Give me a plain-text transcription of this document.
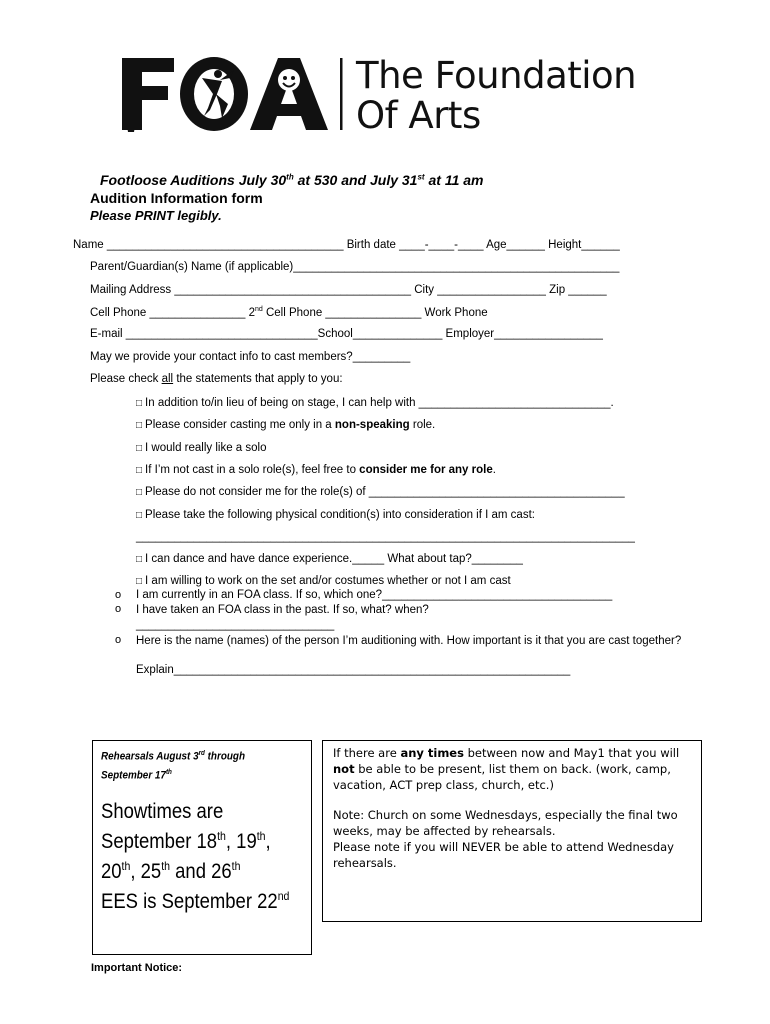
The Foundation
Of Arts
Footloose Auditions July 30th at 530 and July 31st at 11 am
Audition Information form
Please PRINT legibly.
Name _____________________________________ Birth date ____-____-____ Age______ Height______
Parent/Guardian(s) Name (if applicable)___________________________________________________
Mailing Address _____________________________________ City _________________ Zip ______
Cell Phone _______________ 2nd Cell Phone _______________ Work Phone
E-mail ______________________________School______________ Employer_________________
May we provide your contact info to cast members?_________
Please check all the statements that apply to you:
□ In addition to/in lieu of being on stage, I can help with ______________________________.
□ Please consider casting me only in a non-speaking role.
□ I would really like a solo
□ If I’m not cast in a solo role(s), feel free to consider me for any role.
□ Please do not consider me for the role(s) of ________________________________________
□ Please take the following physical condition(s) into consideration if I am cast:
______________________________________________________________________________
□ I can dance and have dance experience._____ What about tap?________
□ I am willing to work on the set and/or costumes whether or not I am cast
o I am currently in an FOA class. If so, which one?____________________________________
o I have taken an FOA class in the past. If so, what? when?_______________________________
o Here is the name (names) of the person I’m auditioning with. How important is it that you are cast together?
Explain______________________________________________________________
Rehearsals August 3rd through September 17th
Showtimes are September 18th, 19th, 20th, 25th and 26th
EES is September 22nd

If there are any times between now and May1 that you will not be able to be present, list them on back. (work, camp, vacation, ACT prep class, church, etc.)

Note: Church on some Wednesdays, especially the final two weeks, may be affected by rehearsals.

Please note if you will NEVER be able to attend Wednesday rehearsals.

Important Notice:
